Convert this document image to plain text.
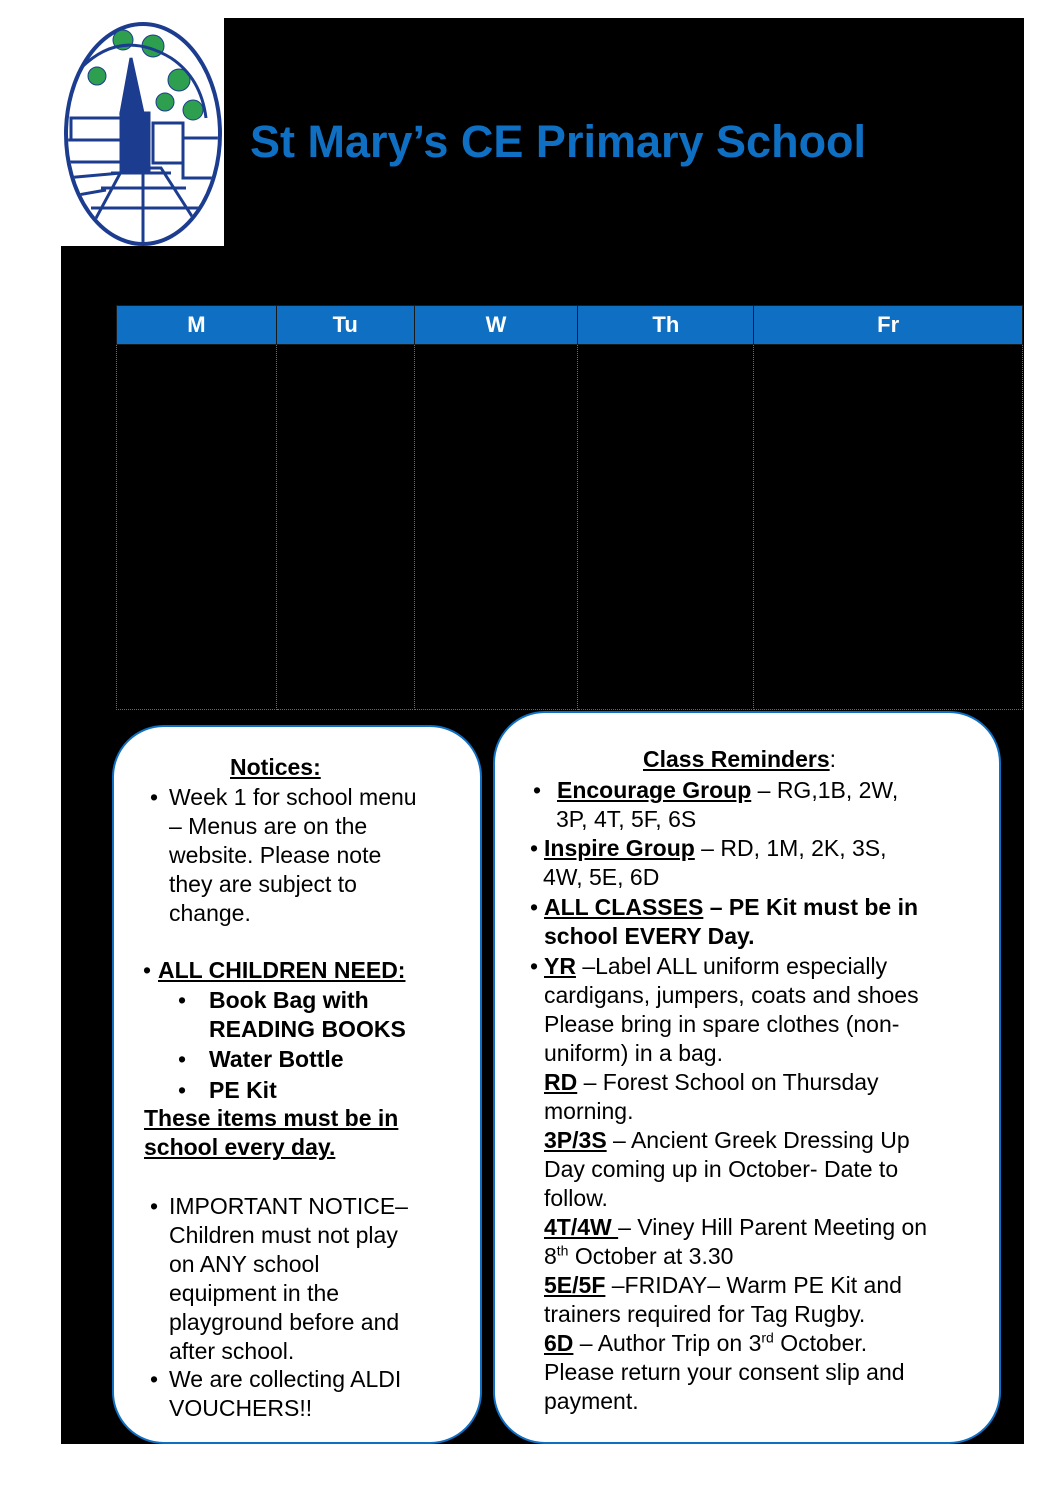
St Mary’s CE Primary School
M	Tu	W	Th	Fr

Notices:
• Week 1 for school menu
– Menus are on the
website. Please note
they are subject to
change.
• ALL CHILDREN NEED:
• Book Bag with
READING BOOKS
• Water Bottle
• PE Kit
These items must be in
school every day.
• IMPORTANT NOTICE–
Children must not play
on ANY school
equipment in the
playground before and
after school.
• We are collecting ALDI
VOUCHERS!!
Class Reminders:
• Encourage Group – RG,1B, 2W,
3P, 4T, 5F, 6S
• Inspire Group – RD, 1M, 2K, 3S,
4W, 5E, 6D
• ALL CLASSES – PE Kit must be in
school EVERY Day.
• YR –Label ALL uniform especially
cardigans, jumpers, coats and shoes
Please bring in spare clothes (non-
uniform) in a bag.
RD – Forest School on Thursday
morning.
3P/3S – Ancient Greek Dressing Up
Day coming up in October- Date to
follow.
4T/4W – Viney Hill Parent Meeting on
8th October at 3.30
5E/5F –FRIDAY– Warm PE Kit and
trainers required for Tag Rugby.
6D – Author Trip on 3rd October.
Please return your consent slip and
payment.
